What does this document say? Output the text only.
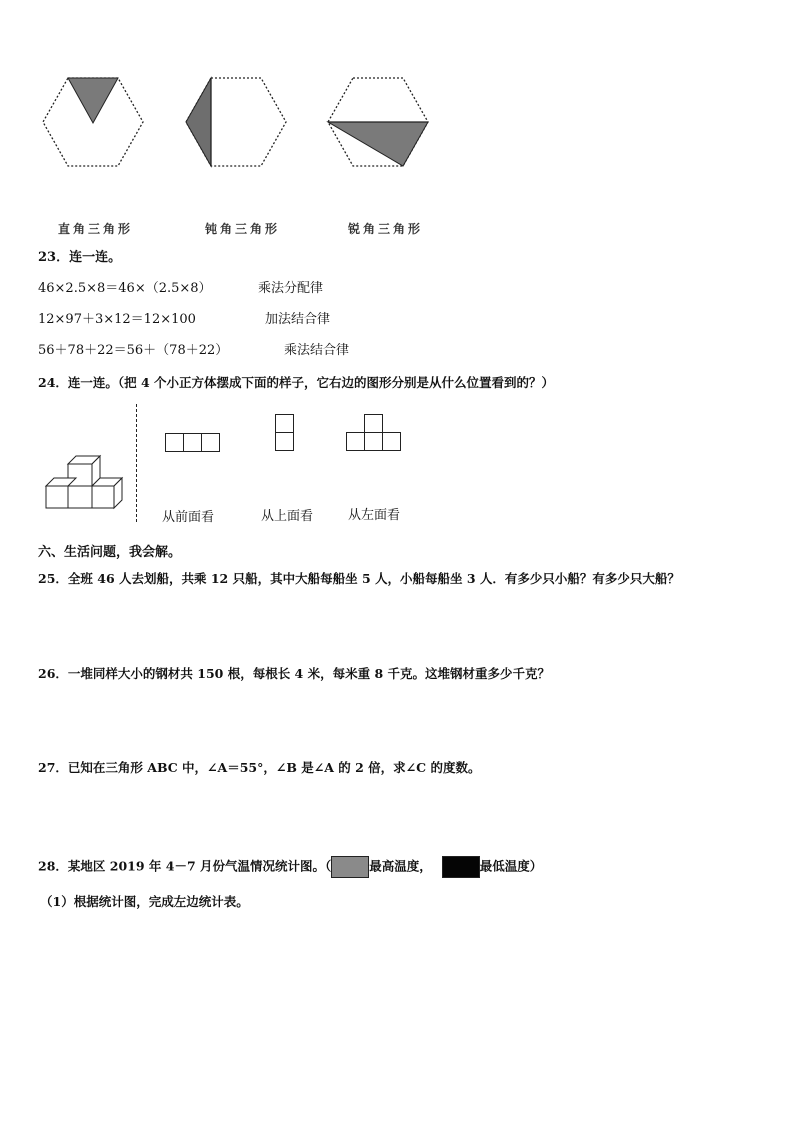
直角三角形	钝角三角形	锐角三角形
23．连一连。
46×2.5×8＝46×（2.5×8）	乘法分配律
12×97＋3×12＝12×100	加法结合律
56＋78＋22＝56＋（78＋22）	乘法结合律
24．连一连。（把 4 个小正方体摆成下面的样子，它右边的图形分别是从什么位置看到的？）
从前面看	从上面看	从左面看
六、生活问题，我会解。
25．全班 46 人去划船，共乘 12 只船，其中大船每船坐 5 人，小船每船坐 3 人．有多少只小船？有多少只大船？
26．一堆同样大小的钢材共 150 根，每根长 4 米，每米重 8 千克。这堆钢材重多少千克？
27．已知在三角形 ABC 中，∠A＝55°，∠B 是∠A 的 2 倍，求∠C 的度数。
28．某地区 2019 年 4－7 月份气温情况统计图。（	最高温度，	最低温度）
（1）根据统计图，完成左边统计表。
